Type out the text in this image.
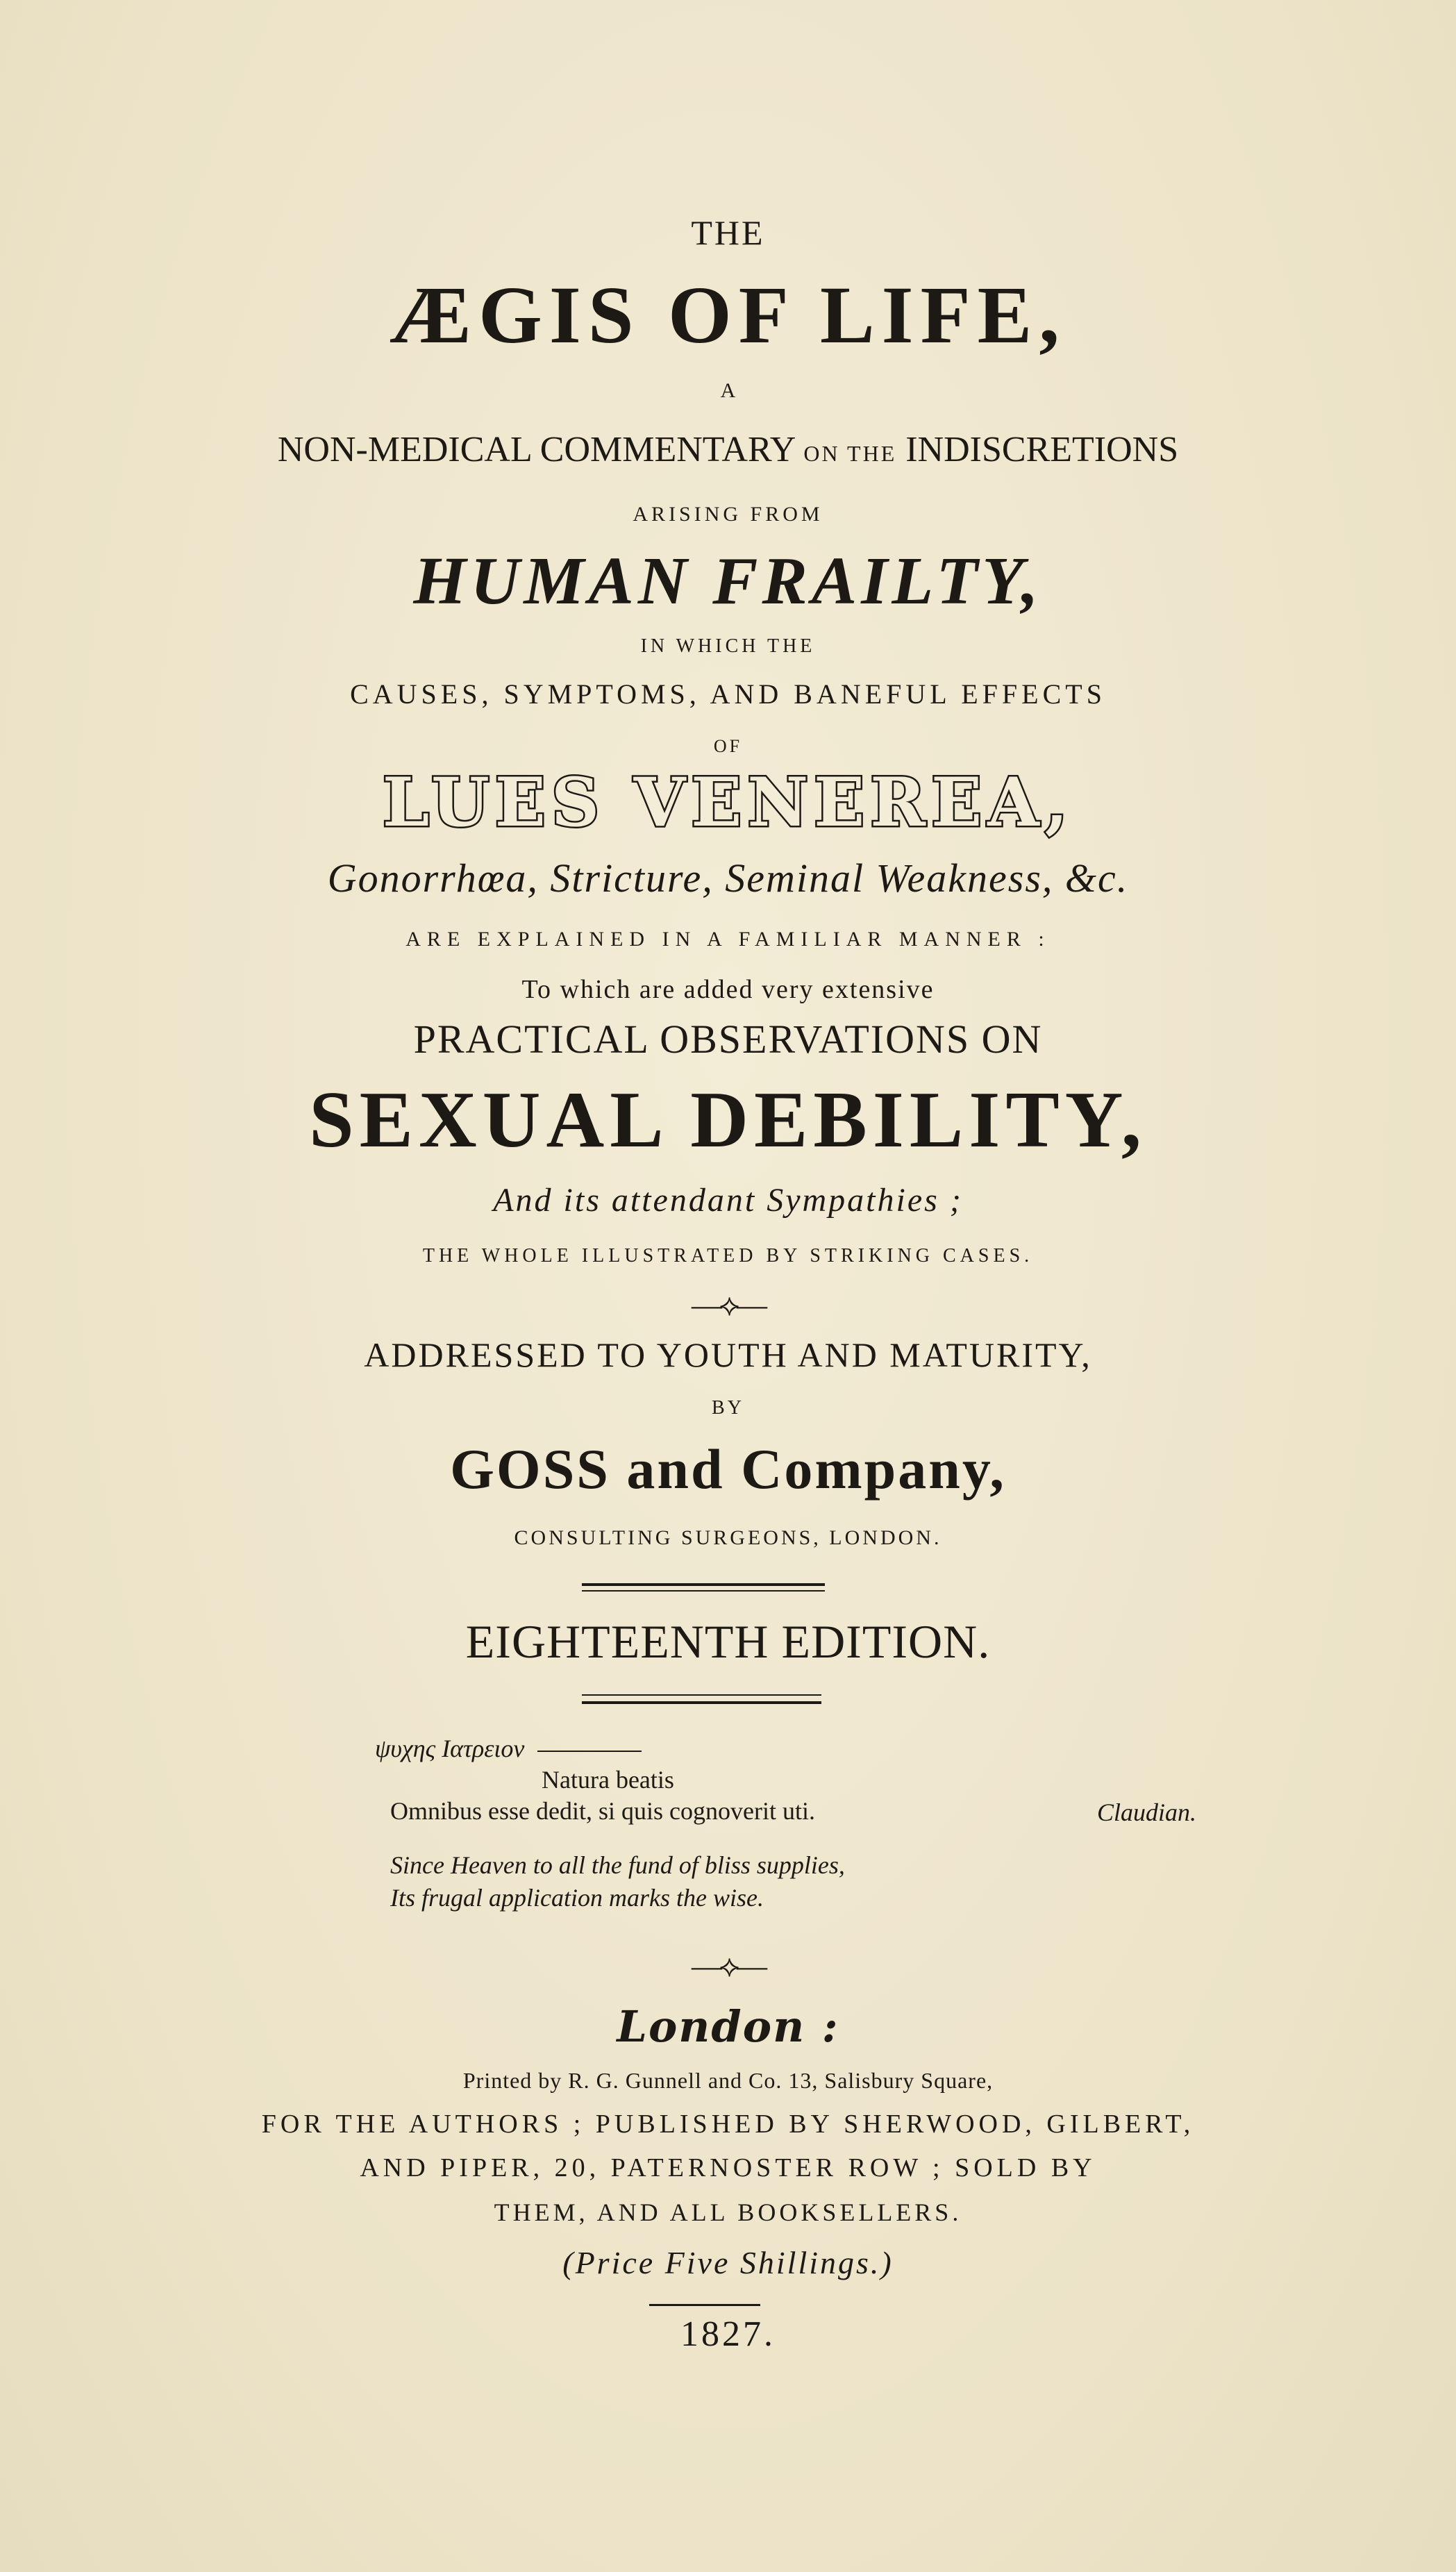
THE
ÆGIS OF LIFE,
A
NON-MEDICAL COMMENTARY ON THE INDISCRETIONS
ARISING FROM
HUMAN FRAILTY,
IN WHICH THE
CAUSES, SYMPTOMS, AND BANEFUL EFFECTS
OF
LUES VENEREA,
Gonorrhœa, Stricture, Seminal Weakness, &c.
ARE EXPLAINED IN A FAMILIAR MANNER :
To which are added very extensive
PRACTICAL OBSERVATIONS ON
SEXUAL DEBILITY,
And its attendant Sympathies ;
THE WHOLE ILLUSTRATED BY STRIKING CASES.
—⟡—
ADDRESSED TO YOUTH AND MATURITY,
BY
GOSS and Company,
CONSULTING SURGEONS, LONDON.
EIGHTEENTH EDITION.
ψυχης Ιατρειον
Natura beatis
Omnibus esse dedit, si quis cognoverit uti.	Claudian.
Since Heaven to all the fund of bliss supplies,
Its frugal application marks the wise.
—⟡—
London :
Printed by R. G. Gunnell and Co. 13, Salisbury Square,
FOR THE AUTHORS ; PUBLISHED BY SHERWOOD, GILBERT,
AND PIPER, 20, PATERNOSTER ROW ; SOLD BY
THEM, AND ALL BOOKSELLERS.
(Price Five Shillings.)
1827.
